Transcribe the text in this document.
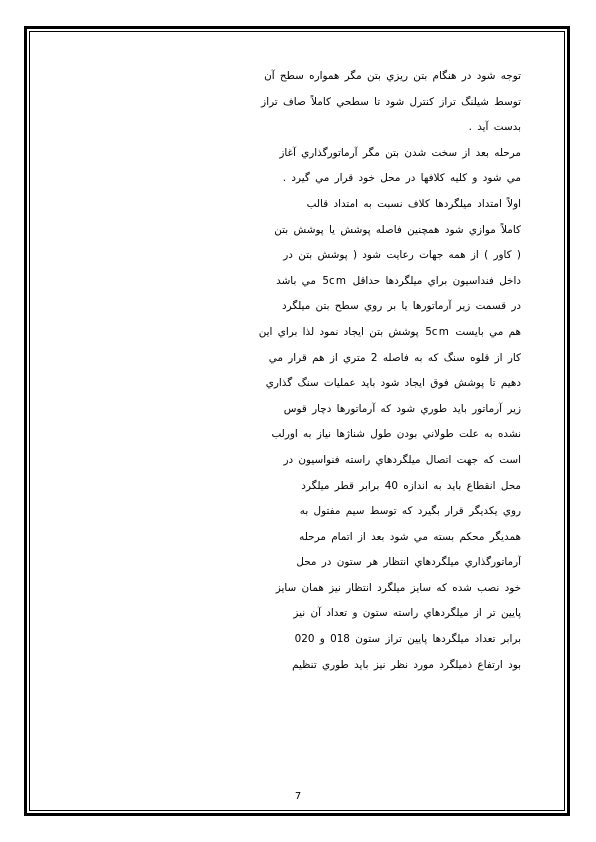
توجه شود در هنگام بتن ريزي بتن مگر همواره سطح آن
توسط شيلنگ تراز كنترل شود تا سطحي كاملاً صاف تراز
بدست آيد .
مرحله بعد از سخت شدن بتن مگر آرماتورگذاري آغاز
مي شود و كليه كلافها در محل خود قرار مي گيرد .
اولاً امتداد ميلگردها كلاف نسبت به امتداد قالب
كاملاً موازي شود همچنين فاصله پوشش يا پوشش بتن
( كاور ) از همه جهات رعايت شود ( پوشش بتن در
داخل فنداسيون براي ميلگردها حداقل 5cm مي باشد
در قسمت زير آرماتورها يا بر روي سطح بتن ميلگرد
هم مي بايست 5cm پوشش بتن ايجاد نمود لذا براي اين
كار از قلوه سنگ كه به فاصله 2 متري از هم قرار مي
دهيم تا پوشش فوق ايجاد شود بايد عمليات سنگ گذاري
زير آرماتور بايد طوري شود كه آرماتورها دچار قوس
نشده به علت طولاني بودن طول شناژها نياز به اورلب
است كه جهت اتصال ميلگردهاي راسته فنواسيون در
محل انقطاع بايد به اندازه 40 برابر قطر ميلگرد
روي يكديگر قرار بگيرد كه توسط سيم مفتول به
همديگر محكم بسته مي شود بعد از اتمام مرحله
آرماتورگذاري ميلگردهاي انتظار هر ستون در محل
خود نصب شده كه سايز ميلگرد انتظار نيز همان سايز
پايين تر از ميلگردهاي راسته ستون و تعداد آن نيز
برابر تعداد ميلگردها پايين تراز ستون 018 و 020
بود ارتفاع ذميلگرد مورد نظر نيز بايد طوري تنظيم
7
